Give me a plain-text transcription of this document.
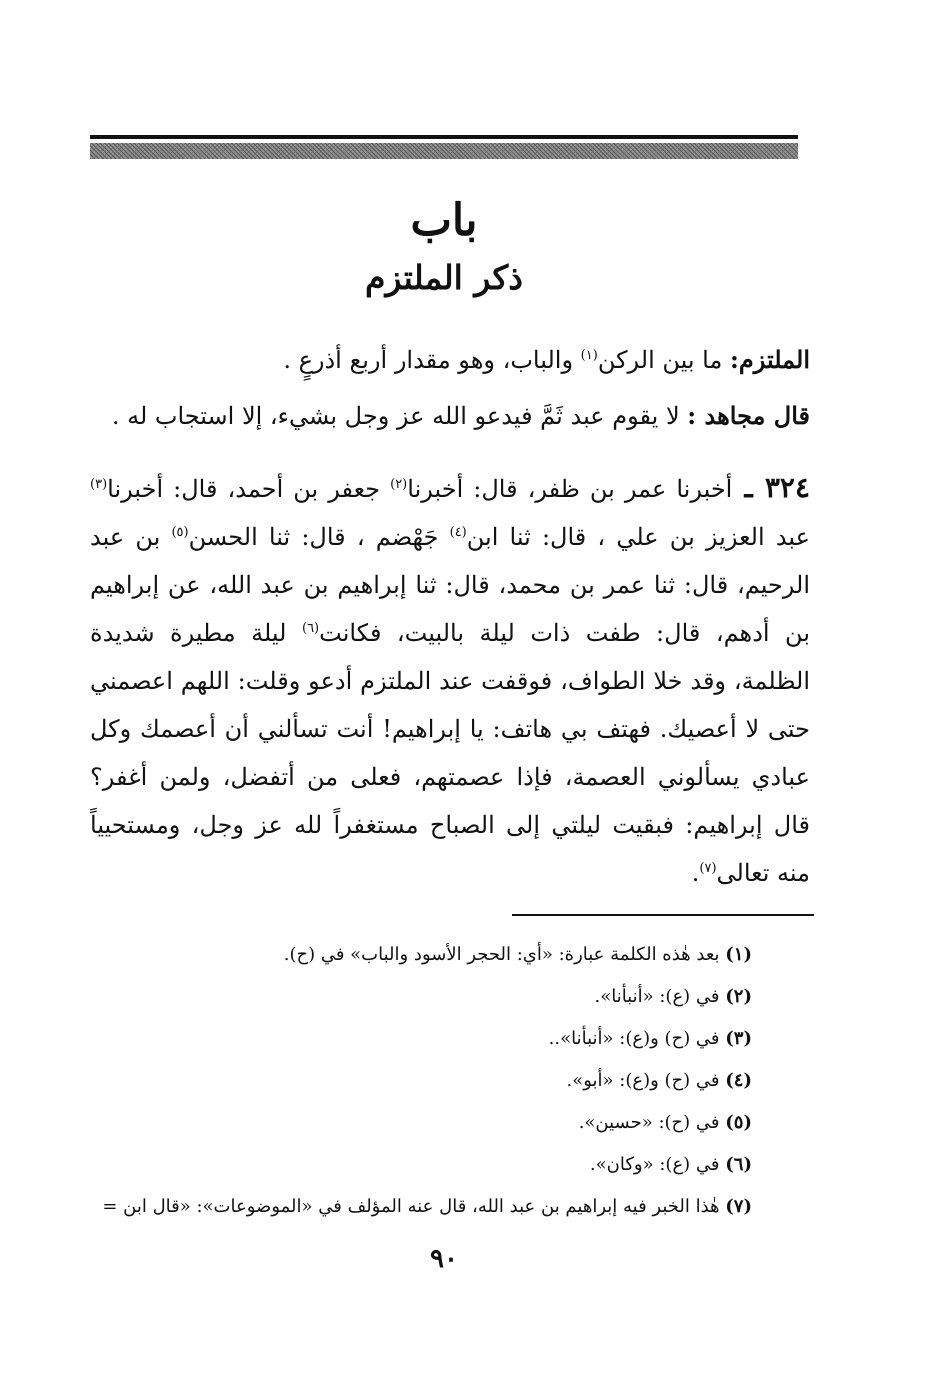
باب
ذكر الملتزم

الملتزم: ما بين الركن$^{(١)}$ والباب، وهو مقدار أربع أذرعٍ .

قال مجاهد : لا يقوم عبد ثَمَّ فيدعو الله عز وجل بشيء، إلا استجاب له .

٣٢٤ ـ أخبرنا عمر بن ظفر، قال: أخبرنا$^{(٢)}$ جعفر بن أحمد، قال: أخبرنا$^{(٣)}$ عبد العزيز بن علي ، قال: ثنا ابن$^{(٤)}$ جَهْضم ، قال: ثنا الحسن$^{(٥)}$ بن عبد الرحيم، قال: ثنا عمر بن محمد، قال: ثنا إبراهيم بن عبد الله، عن إبراهيم بن أدهم، قال: طفت ذات ليلة بالبيت، فكانت$^{(٦)}$ ليلة مطيرة شديدة الظلمة، وقد خلا الطواف، فوقفت عند الملتزم أدعو وقلت: اللهم اعصمني حتى لا أعصيك. فهتف بي هاتف: يا إبراهيم! أنت تسألني أن أعصمك وكل عبادي يسألوني العصمة، فإذا عصمتهم، فعلى من أتفضل، ولمن أغفر؟ قال إبراهيم: فبقيت ليلتي إلى الصباح مستغفراً لله عز وجل، ومستحيياً منه تعالى$^{(٧)}$.

(١) بعد هٰذه الكلمة عبارة: «أي: الحجر الأسود والباب» في (ح).
(٢) في (ع): «أنبأنا».
(٣) في (ح) و(ع): «أنبأنا»..
(٤) في (ح) و(ع): «أبو».
(٥) في (ح): «حسين».
(٦) في (ع): «وكان».
(٧) هٰذا الخبر فيه إبراهيم بن عبد الله، قال عنه المؤلف في «الموضوعات»: «قال ابن =
٩٠
